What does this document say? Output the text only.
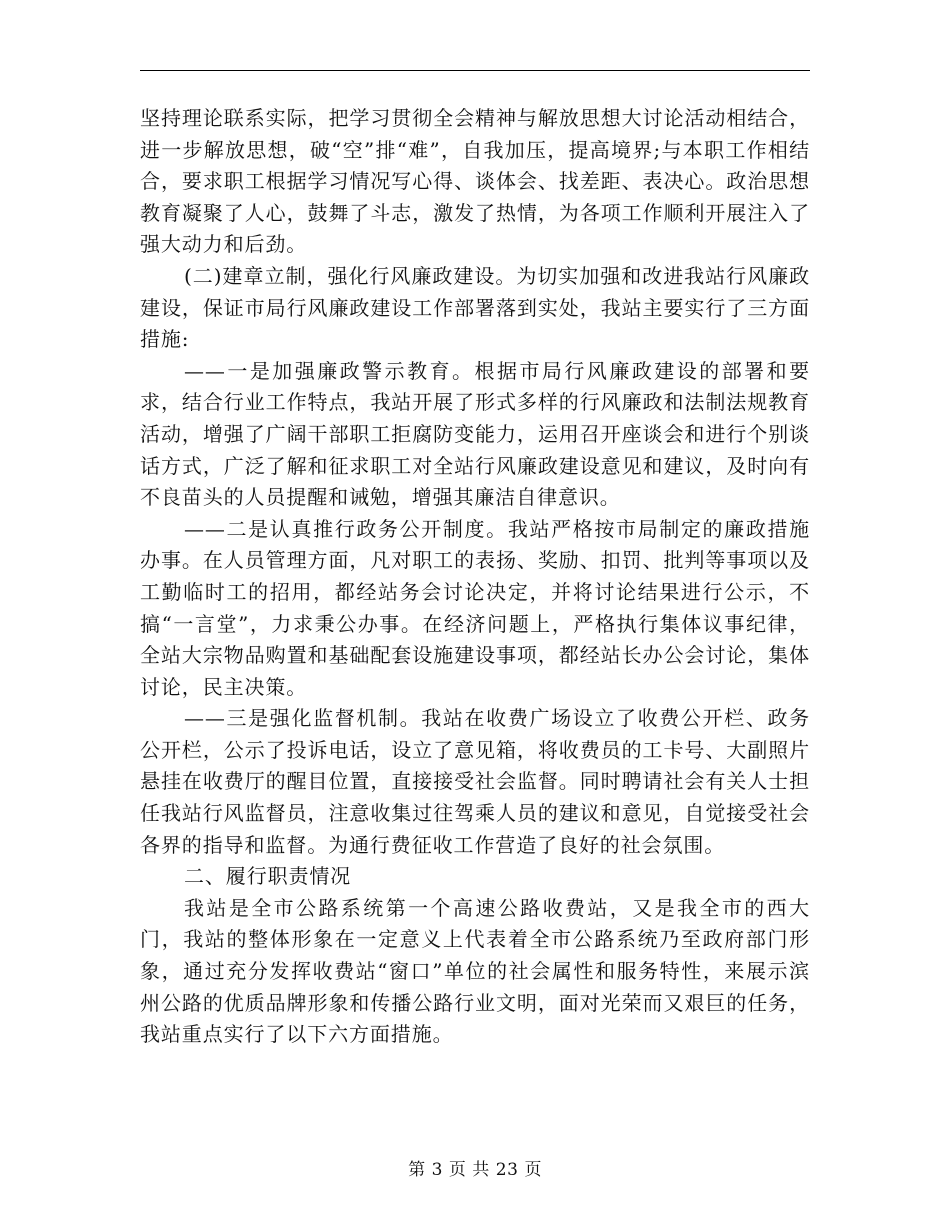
坚持理论联系实际，把学习贯彻全会精神与解放思想大讨论活动相结合，进一步解放思想，破“空”排“难”，自我加压，提高境界;与本职工作相结合，要求职工根据学习情况写心得、谈体会、找差距、表决心。政治思想教育凝聚了人心，鼓舞了斗志，激发了热情，为各项工作顺利开展注入了强大动力和后劲。

(二)建章立制，强化行风廉政建设。为切实加强和改进我站行风廉政建设，保证市局行风廉政建设工作部署落到实处，我站主要实行了三方面措施:

——一是加强廉政警示教育。根据市局行风廉政建设的部署和要求，结合行业工作特点，我站开展了形式多样的行风廉政和法制法规教育活动，增强了广阔干部职工拒腐防变能力，运用召开座谈会和进行个别谈话方式，广泛了解和征求职工对全站行风廉政建设意见和建议，及时向有不良苗头的人员提醒和诫勉，增强其廉洁自律意识。

——二是认真推行政务公开制度。我站严格按市局制定的廉政措施办事。在人员管理方面，凡对职工的表扬、奖励、扣罚、批判等事项以及工勤临时工的招用，都经站务会讨论决定，并将讨论结果进行公示，不搞“一言堂”，力求秉公办事。在经济问题上，严格执行集体议事纪律，全站大宗物品购置和基础配套设施建设事项，都经站长办公会讨论，集体讨论，民主决策。

——三是强化监督机制。我站在收费广场设立了收费公开栏、政务公开栏，公示了投诉电话，设立了意见箱，将收费员的工卡号、大副照片悬挂在收费厅的醒目位置，直接接受社会监督。同时聘请社会有关人士担任我站行风监督员，注意收集过往驾乘人员的建议和意见，自觉接受社会各界的指导和监督。为通行费征收工作营造了良好的社会氛围。

二、履行职责情况

我站是全市公路系统第一个高速公路收费站，又是我全市的西大门，我站的整体形象在一定意义上代表着全市公路系统乃至政府部门形象，通过充分发挥收费站“窗口”单位的社会属性和服务特性，来展示滨州公路的优质品牌形象和传播公路行业文明，面对光荣而又艰巨的任务，我站重点实行了以下六方面措施。

第 3 页 共 23 页
